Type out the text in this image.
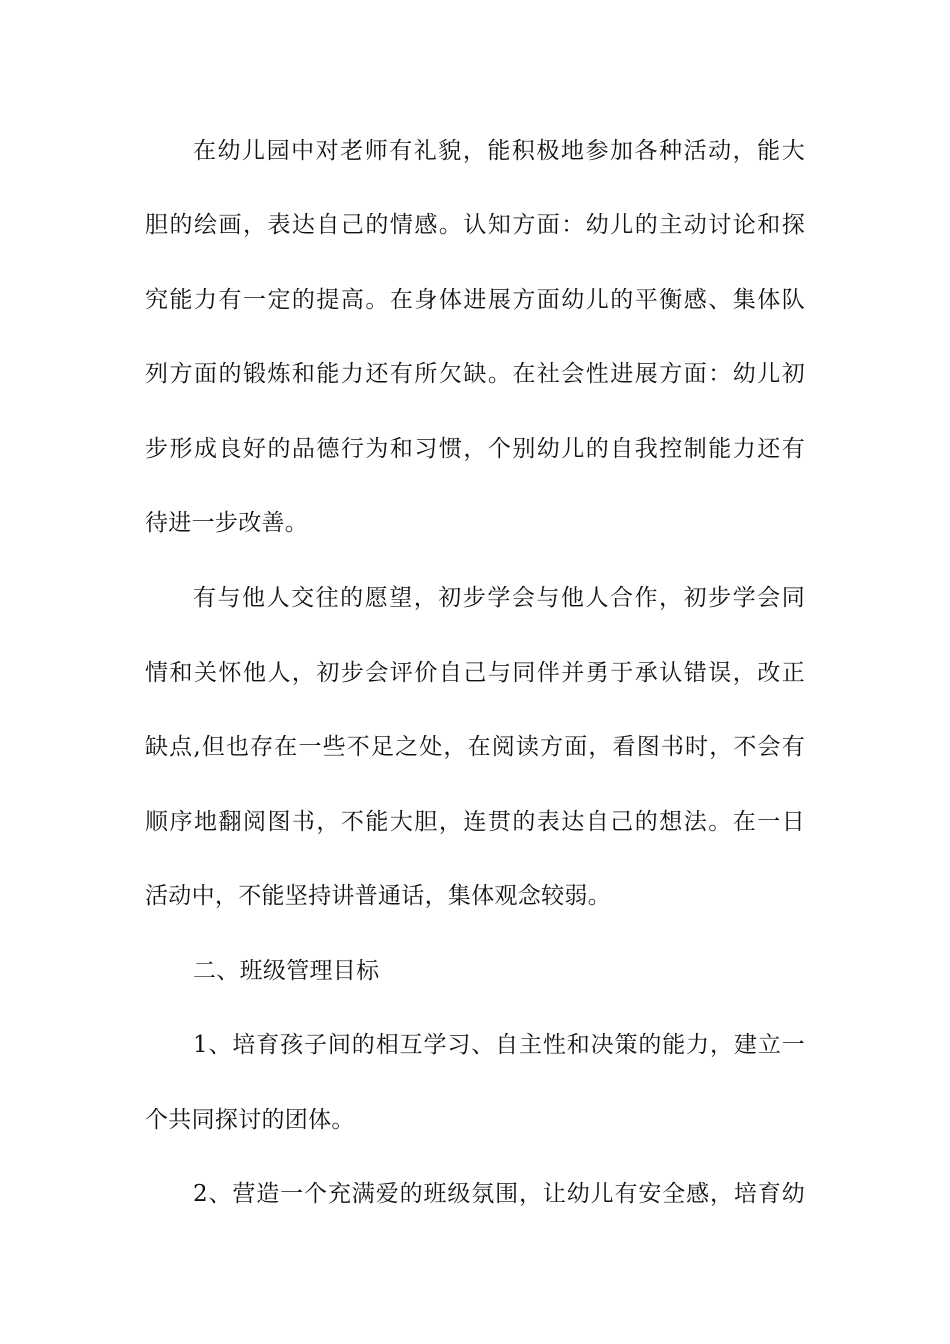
在幼儿园中对老师有礼貌，能积极地参加各种活动，能大
胆的绘画，表达自己的情感。认知方面：幼儿的主动讨论和探
究能力有一定的提高。在身体进展方面幼儿的平衡感、集体队
列方面的锻炼和能力还有所欠缺。在社会性进展方面：幼儿初
步形成良好的品德行为和习惯，个别幼儿的自我控制能力还有
待进一步改善。
有与他人交往的愿望，初步学会与他人合作，初步学会同
情和关怀他人，初步会评价自己与同伴并勇于承认错误，改正
缺点,但也存在一些不足之处，在阅读方面，看图书时，不会有
顺序地翻阅图书，不能大胆，连贯的表达自己的想法。在一日
活动中，不能坚持讲普通话，集体观念较弱。
二、班级管理目标
1、培育孩子间的相互学习、自主性和决策的能力，建立一
个共同探讨的团体。
2、营造一个充满爱的班级氛围，让幼儿有安全感，培育幼
